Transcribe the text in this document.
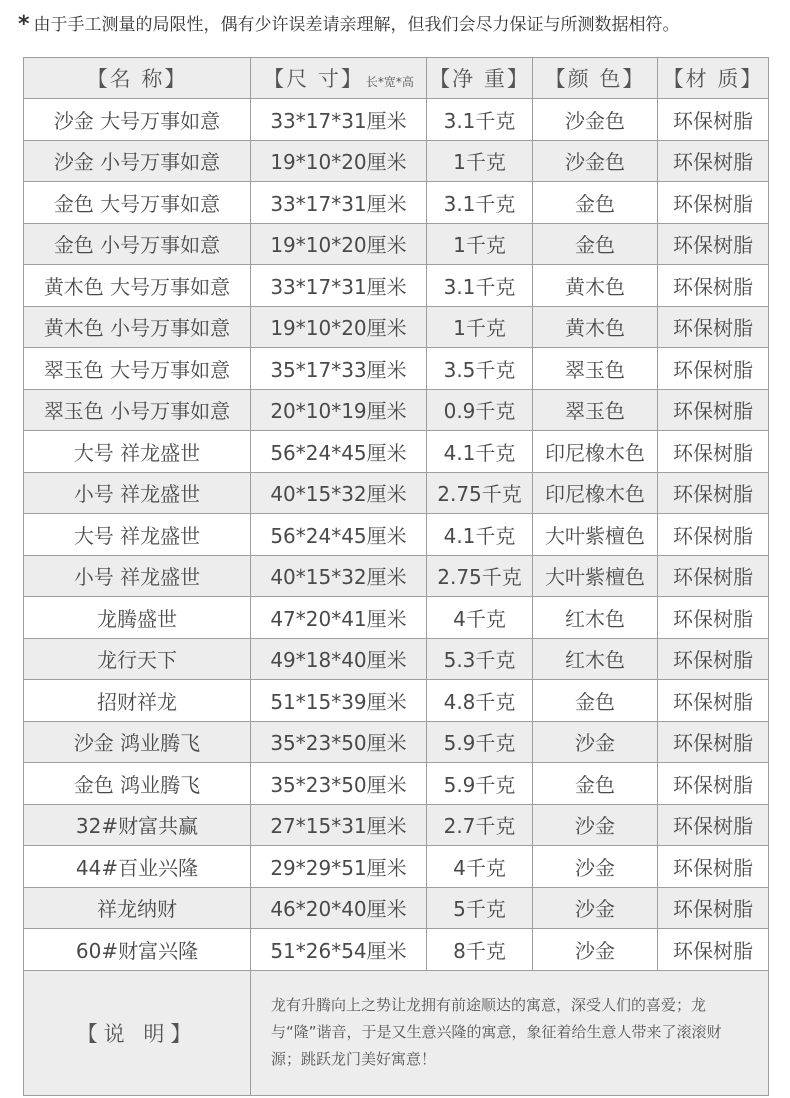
* 由于手工测量的局限性，偶有少许误差请亲理解，但我们会尽力保证与所测数据相符。
【名 称】	【尺 寸】 长*宽*高	【净 重】	【颜 色】	【材 质】
沙金 大号万事如意	33*17*31厘米	3.1千克	沙金色	环保树脂
沙金 小号万事如意	19*10*20厘米	1千克	沙金色	环保树脂
金色 大号万事如意	33*17*31厘米	3.1千克	金色	环保树脂
金色 小号万事如意	19*10*20厘米	1千克	金色	环保树脂
黄木色 大号万事如意	33*17*31厘米	3.1千克	黄木色	环保树脂
黄木色 小号万事如意	19*10*20厘米	1千克	黄木色	环保树脂
翠玉色 大号万事如意	35*17*33厘米	3.5千克	翠玉色	环保树脂
翠玉色 小号万事如意	20*10*19厘米	0.9千克	翠玉色	环保树脂
大号 祥龙盛世	56*24*45厘米	4.1千克	印尼橡木色	环保树脂
小号 祥龙盛世	40*15*32厘米	2.75千克	印尼橡木色	环保树脂
大号 祥龙盛世	56*24*45厘米	4.1千克	大叶紫檀色	环保树脂
小号 祥龙盛世	40*15*32厘米	2.75千克	大叶紫檀色	环保树脂
龙腾盛世	47*20*41厘米	4千克	红木色	环保树脂
龙行天下	49*18*40厘米	5.3千克	红木色	环保树脂
招财祥龙	51*15*39厘米	4.8千克	金色	环保树脂
沙金 鸿业腾飞	35*23*50厘米	5.9千克	沙金	环保树脂
金色 鸿业腾飞	35*23*50厘米	5.9千克	金色	环保树脂
32#财富共赢	27*15*31厘米	2.7千克	沙金	环保树脂
44#百业兴隆	29*29*51厘米	4千克	沙金	环保树脂
祥龙纳财	46*20*40厘米	5千克	沙金	环保树脂
60#财富兴隆	51*26*54厘米	8千克	沙金	环保树脂
【说 明】	龙有升腾向上之势让龙拥有前途顺达的寓意，深受人们的喜爱；龙与“隆”谐音，于是又生意兴隆的寓意，象征着给生意人带来了滚滚财源；跳跃龙门美好寓意！			
